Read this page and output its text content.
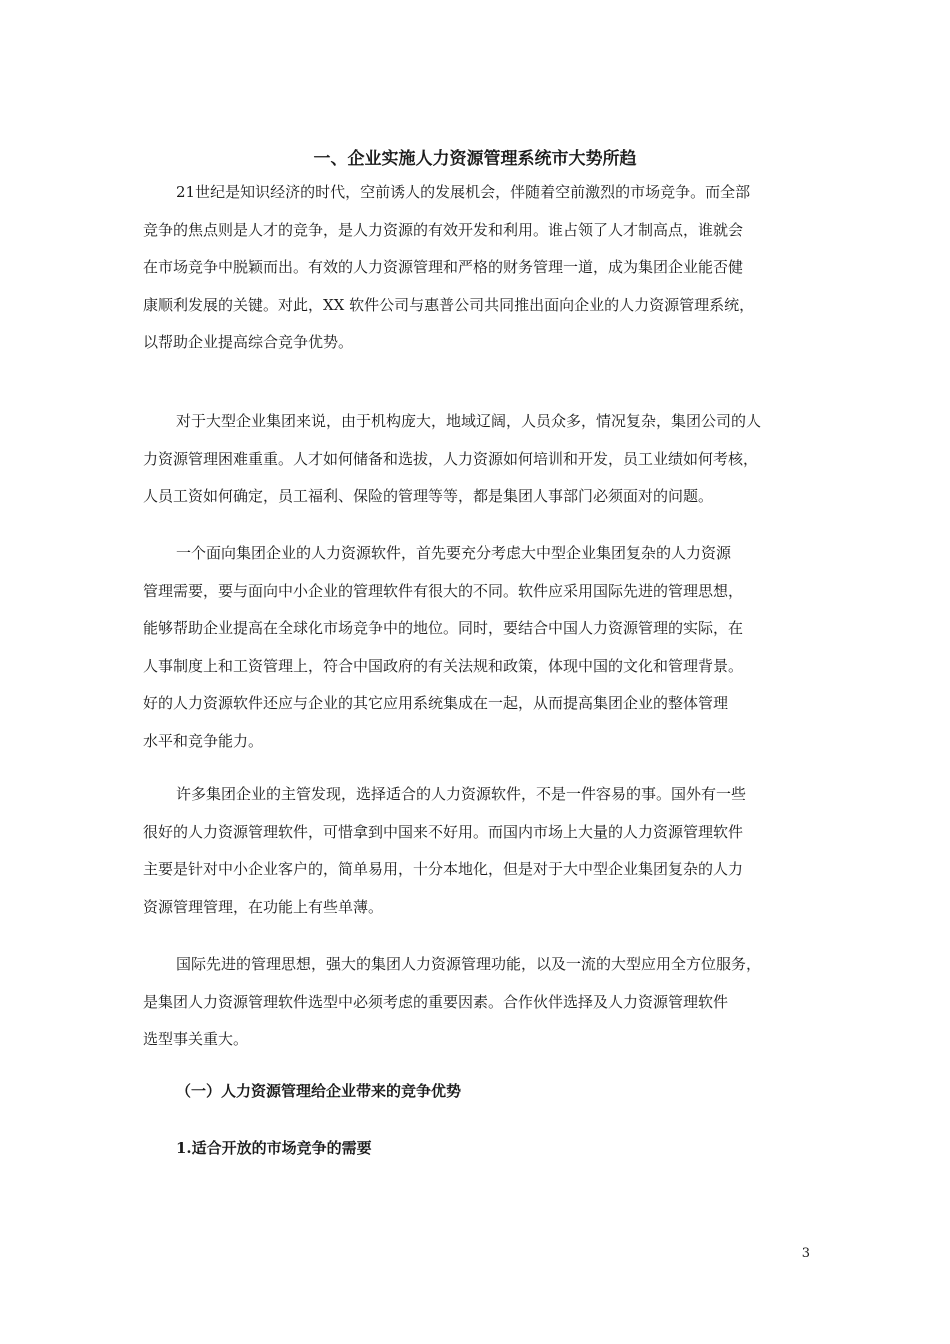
一、企业实施人力资源管理系统市大势所趋
21世纪是知识经济的时代，空前诱人的发展机会，伴随着空前激烈的市场竞争。而全部
竞争的焦点则是人才的竞争，是人力资源的有效开发和利用。谁占领了人才制高点，谁就会
在市场竞争中脱颖而出。有效的人力资源管理和严格的财务管理一道，成为集团企业能否健
康顺利发展的关键。对此，XX 软件公司与惠普公司共同推出面向企业的人力资源管理系统，
以帮助企业提高综合竞争优势。
对于大型企业集团来说，由于机构庞大，地域辽阔，人员众多，情况复杂，集团公司的人
力资源管理困难重重。人才如何储备和选拔，人力资源如何培训和开发，员工业绩如何考核，
人员工资如何确定，员工福利、保险的管理等等，都是集团人事部门必须面对的问题。
一个面向集团企业的人力资源软件，首先要充分考虑大中型企业集团复杂的人力资源
管理需要，要与面向中小企业的管理软件有很大的不同。软件应采用国际先进的管理思想，
能够帮助企业提高在全球化市场竞争中的地位。同时，要结合中国人力资源管理的实际，在
人事制度上和工资管理上，符合中国政府的有关法规和政策，体现中国的文化和管理背景。
好的人力资源软件还应与企业的其它应用系统集成在一起，从而提高集团企业的整体管理
水平和竞争能力。
许多集团企业的主管发现，选择适合的人力资源软件，不是一件容易的事。国外有一些
很好的人力资源管理软件，可惜拿到中国来不好用。而国内市场上大量的人力资源管理软件
主要是针对中小企业客户的，简单易用，十分本地化，但是对于大中型企业集团复杂的人力
资源管理管理，在功能上有些单薄。
国际先进的管理思想，强大的集团人力资源管理功能，以及一流的大型应用全方位服务，
是集团人力资源管理软件选型中必须考虑的重要因素。合作伙伴选择及人力资源管理软件
选型事关重大。
（一）人力资源管理给企业带来的竞争优势
1.适合开放的市场竞争的需要
3
